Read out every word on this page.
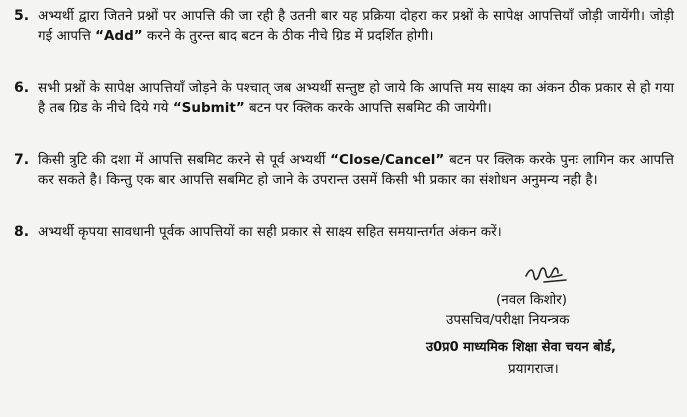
5. अभ्यर्थी द्वारा जितने प्रश्नों पर आपत्ति की जा रही है उतनी बार यह प्रक्रिया दोहरा कर प्रश्नों के सापेक्ष आपत्तियाँ जोड़ी जायेंगी। जोड़ी गई आपत्ति “Add” करने के तुरन्त बाद बटन के ठीक नीचे ग्रिड में प्रदर्शित होगी।
6. सभी प्रश्नों के सापेक्ष आपत्तियाँ जोड़ने के पश्चात् जब अभ्यर्थी सन्तुष्ट हो जाये कि आपत्ति मय साक्ष्य का अंकन ठीक प्रकार से हो गया है तब ग्रिड के नीचे दिये गये “Submit” बटन पर क्लिक करके आपत्ति सबमिट की जायेगी।
7. किसी त्रुटि की दशा में आपत्ति सबमिट करने से पूर्व अभ्यर्थी “Close/Cancel” बटन पर क्लिक करके पुनः लागिन कर आपत्ति कर सकते है। किन्तु एक बार आपत्ति सबमिट हो जाने के उपरान्त उसमें किसी भी प्रकार का संशोधन अनुमन्य नही है।
8. अभ्यर्थी कृपया सावधानी पूर्वक आपत्तियों का सही प्रकार से साक्ष्य सहित समयान्तर्गत अंकन करें।
(नवल किशोर)
उपसचिव/परीक्षा नियन्त्रक
उ0प्र0 माध्यमिक शिक्षा सेवा चयन बोर्ड,
प्रयागराज।
